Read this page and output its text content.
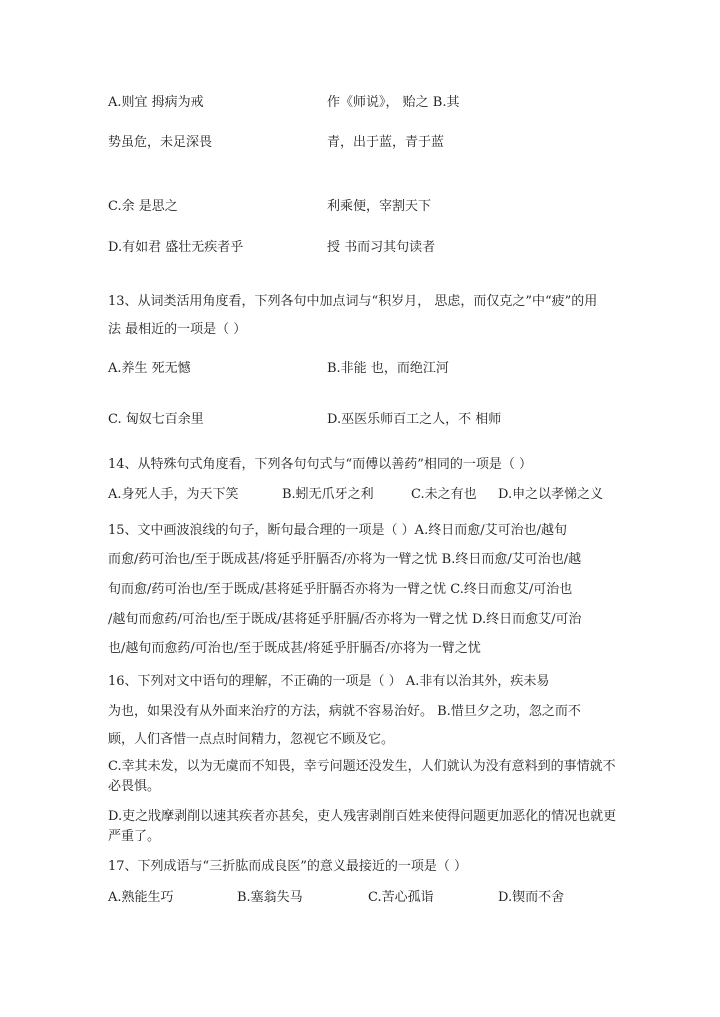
A.则宜 拇病为戒	作《师说》， 贻之 B.其
势虽危，未足深畏	青，出于蓝，青于蓝
C.余 是思之	利乘便，宰割天下
D.有如君 盛壮无疾者乎	授 书而习其句读者
13、从词类活用角度看，下列各句中加点词与“积岁月， 思虑，而仅克之”中“疲”的用
法 最相近的一项是（ ）
A.养生 死无憾	B.非能 也，而绝江河
C. 匈奴七百余里	D.巫医乐师百工之人，不 相师
14、从特殊句式角度看，下列各句句式与“而傅以善药”相同的一项是（ ）
A.身死人手，为天下笑	B.蚓无爪牙之利	C.未之有也 D.申之以孝悌之义
15、文中画波浪线的句子，断句最合理的一项是（ ）A.终日而愈/艾可治也/越旬
而愈/药可治也/至于既成甚/将延乎肝膈否/亦将为一臂之忧 B.终日而愈/艾可治也/越
旬而愈/药可治也/至于既成/甚将延乎肝膈否亦将为一臂之忧 C.终日而愈艾/可治也
/越旬而愈药/可治也/至于既成/甚将延乎肝膈/否亦将为一臂之忧 D.终日而愈艾/可治
也/越旬而愈药/可治也/至于既成甚/将延乎肝膈否/亦将为一臂之忧
16、下列对文中语句的理解，不正确的一项是（ ） A.非有以治其外，疾未易
为也，如果没有从外面来治疗的方法，病就不容易治好。 B.惜旦夕之功，忽之而不
顾，人们吝惜一点点时间精力，忽视它不顾及它。
C.幸其未发，以为无虞而不知畏，幸亏问题还没发生，人们就认为没有意料到的事情就不
必畏惧。
D.吏之戕摩剥削以速其疾者亦甚矣，吏人残害剥削百姓来使得问题更加恶化的情况也就更
严重了。
17、下列成语与“三折肱而成良医”的意义最接近的一项是（ ）
A.熟能生巧	B.塞翁失马	C.苦心孤诣	D.锲而不舍
